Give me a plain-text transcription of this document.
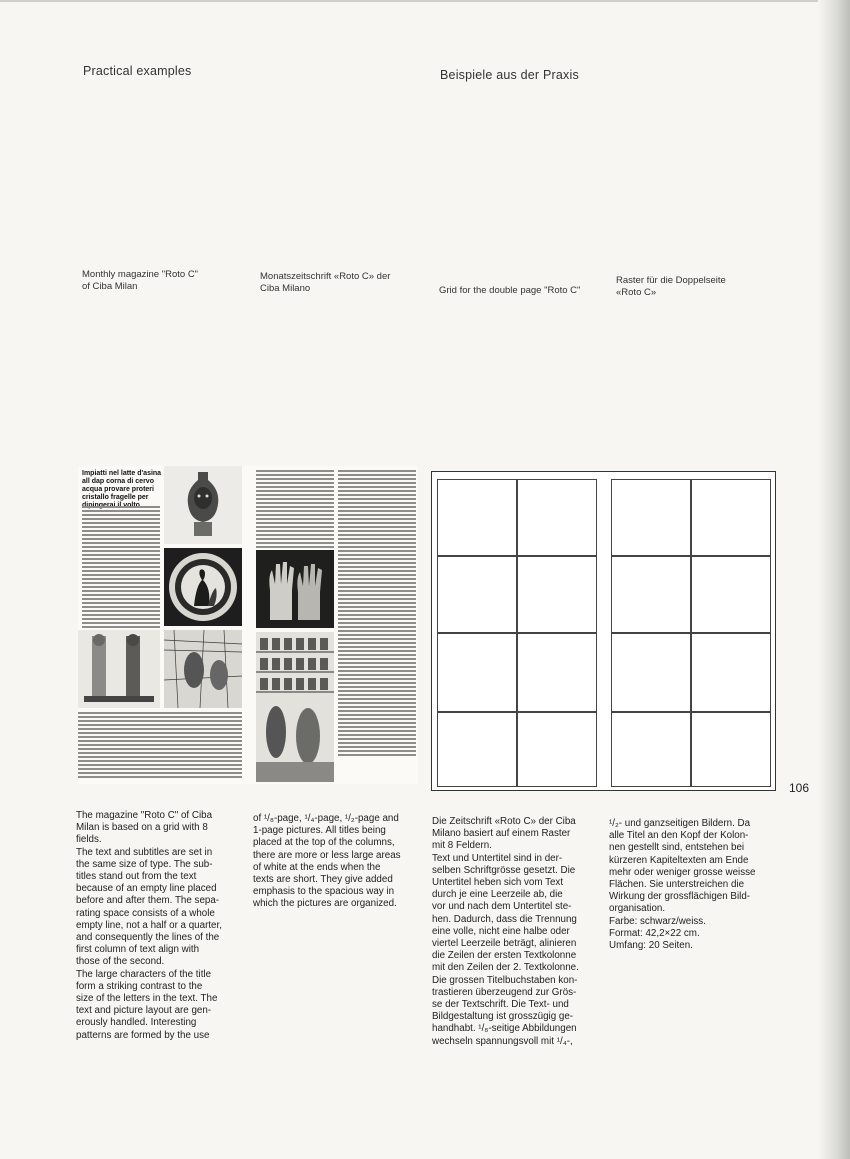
Practical examples	Beispiele aus der Praxis
Monthly magazine "Roto C"
of Ciba Milan
Monatszeitschrift «Roto C» der
Ciba Milano	Grid for the double page "Roto C"
Raster für die Doppelseite
«Roto C»
Impiatti nel latte d'asina all dap corna di cervo acqua provare proteri cristallo fragelle per
106
The magazine "Roto C" of Ciba
Milan is based on a grid with 8
fields.
The text and subtitles are set in
the same size of type. The sub-
titles stand out from the text
because of an empty line placed
before and after them. The sepa-
rating space consists of a whole
empty line, not a half or a quarter,
and consequently the lines of the
first column of text align with
those of the second.
The large characters of the title
form a striking contrast to the
size of the letters in the text. The
text and picture layout are gen-
erously handled. Interesting
patterns are formed by the use
of ¹/₈-page, ¹/₄-page, ¹/₂-page and
1-page pictures. All titles being
placed at the top of the columns,
there are more or less large areas
of white at the ends when the
texts are short. They give added
emphasis to the spacious way in
which the pictures are organized.
Die Zeitschrift «Roto C» der Ciba
Milano basiert auf einem Raster
mit 8 Feldern.
Text und Untertitel sind in der-
selben Schriftgrösse gesetzt. Die
Untertitel heben sich vom Text
durch je eine Leerzeile ab, die
vor und nach dem Untertitel ste-
hen. Dadurch, dass die Trennung
eine volle, nicht eine halbe oder
viertel Leerzeile beträgt, alinieren
die Zeilen der ersten Textkolonne
mit den Zeilen der 2. Textkolonne.
Die grossen Titelbuchstaben kon-
trastieren überzeugend zur Grös-
se der Textschrift. Die Text- und
Bildgestaltung ist grosszügig ge-
handhabt. ¹/₈-seitige Abbildungen
wechseln spannungsvoll mit ¹/₄-,
¹/₂- und ganzseitigen Bildern. Da
alle Titel an den Kopf der Kolon-
nen gestellt sind, entstehen bei
kürzeren Kapiteltexten am Ende
mehr oder weniger grosse weisse
Flächen. Sie unterstreichen die
Wirkung der grossflächigen Bild-
organisation.
Farbe: schwarz/weiss.
Format: 42,2×22 cm.
Umfang: 20 Seiten.
